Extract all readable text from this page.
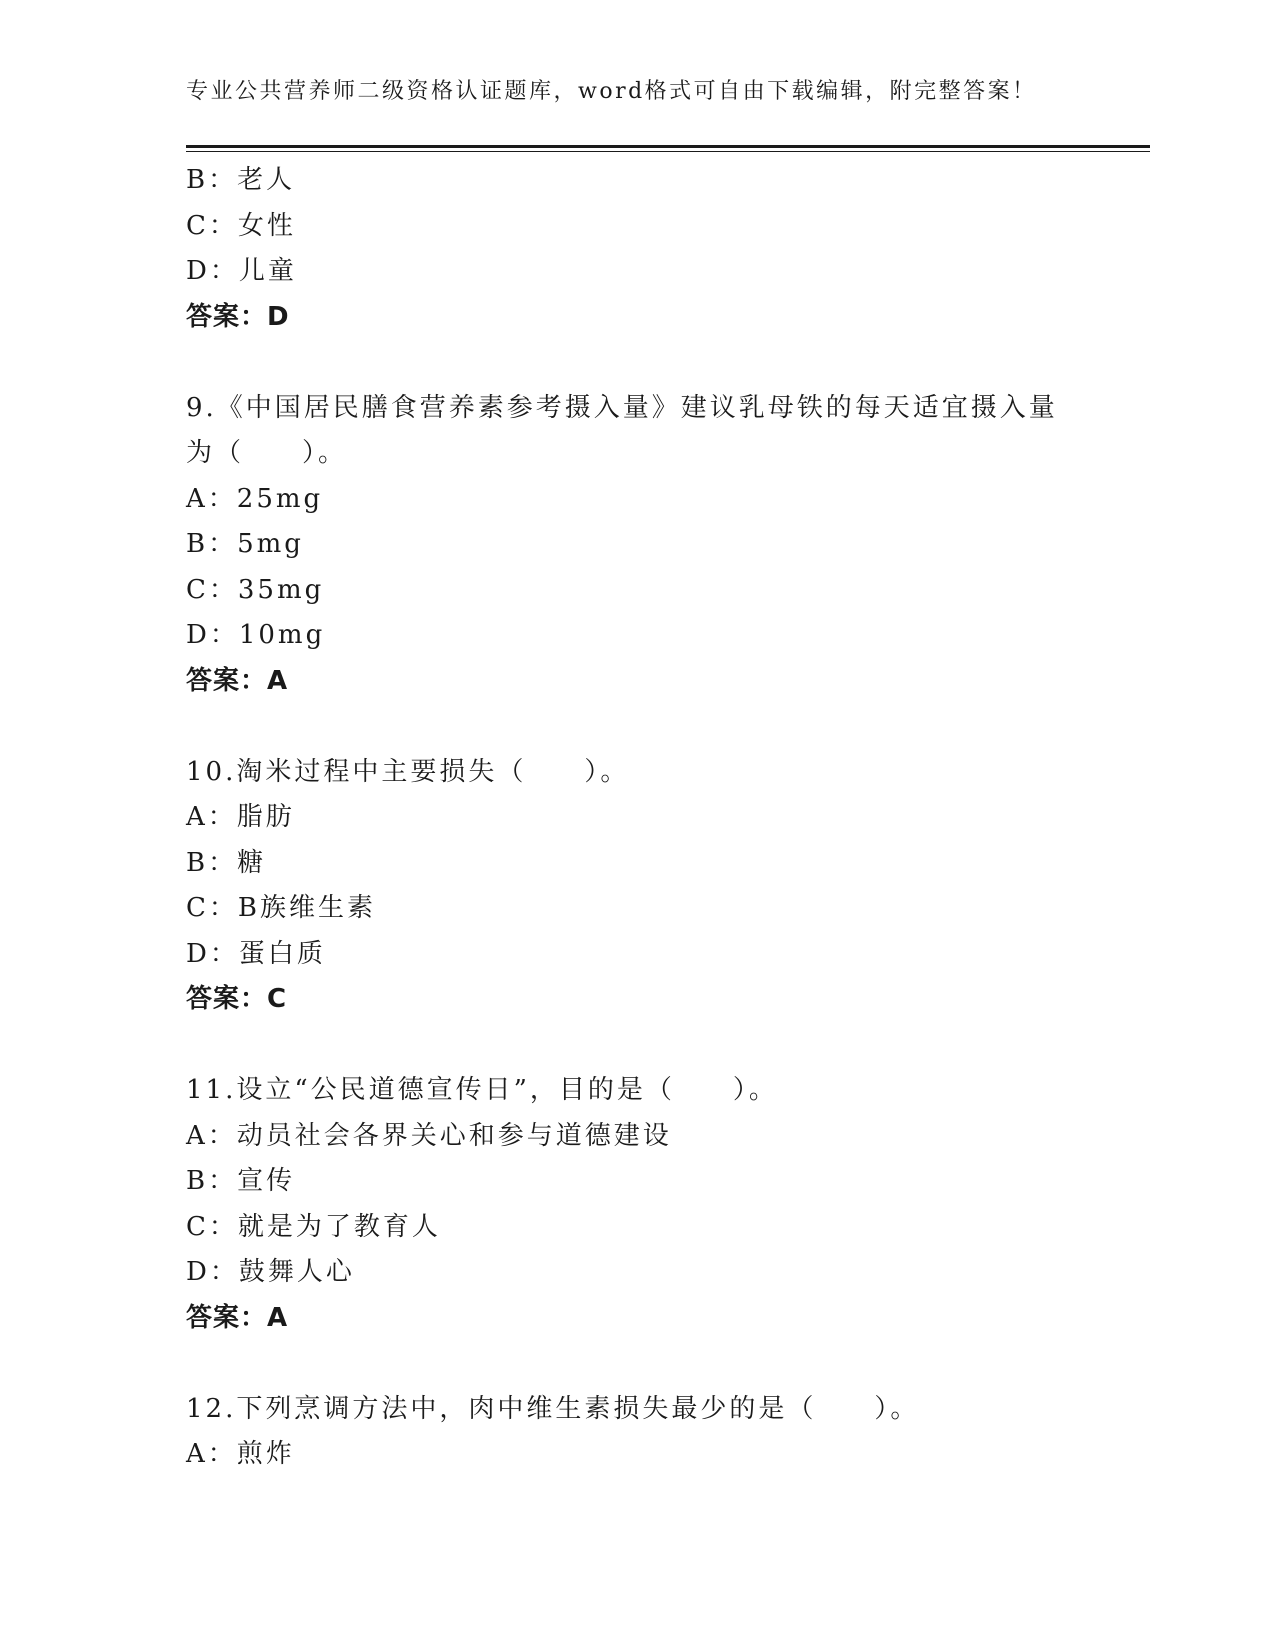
专业公共营养师二级资格认证题库，word格式可自由下载编辑，附完整答案！
B：老人
C：女性
D：儿童
答案：D
9.《中国居民膳食营养素参考摄入量》建议乳母铁的每天适宜摄入量
为（　　）。
A：25mg
B：5mg
C：35mg
D：10mg
答案：A
10.淘米过程中主要损失（　　）。
A：脂肪
B：糖
C：B族维生素
D：蛋白质
答案：C
11.设立“公民道德宣传日”，目的是（　　）。
A：动员社会各界关心和参与道德建设
B：宣传
C：就是为了教育人
D：鼓舞人心
答案：A
12.下列烹调方法中，肉中维生素损失最少的是（　　）。
A：煎炸
